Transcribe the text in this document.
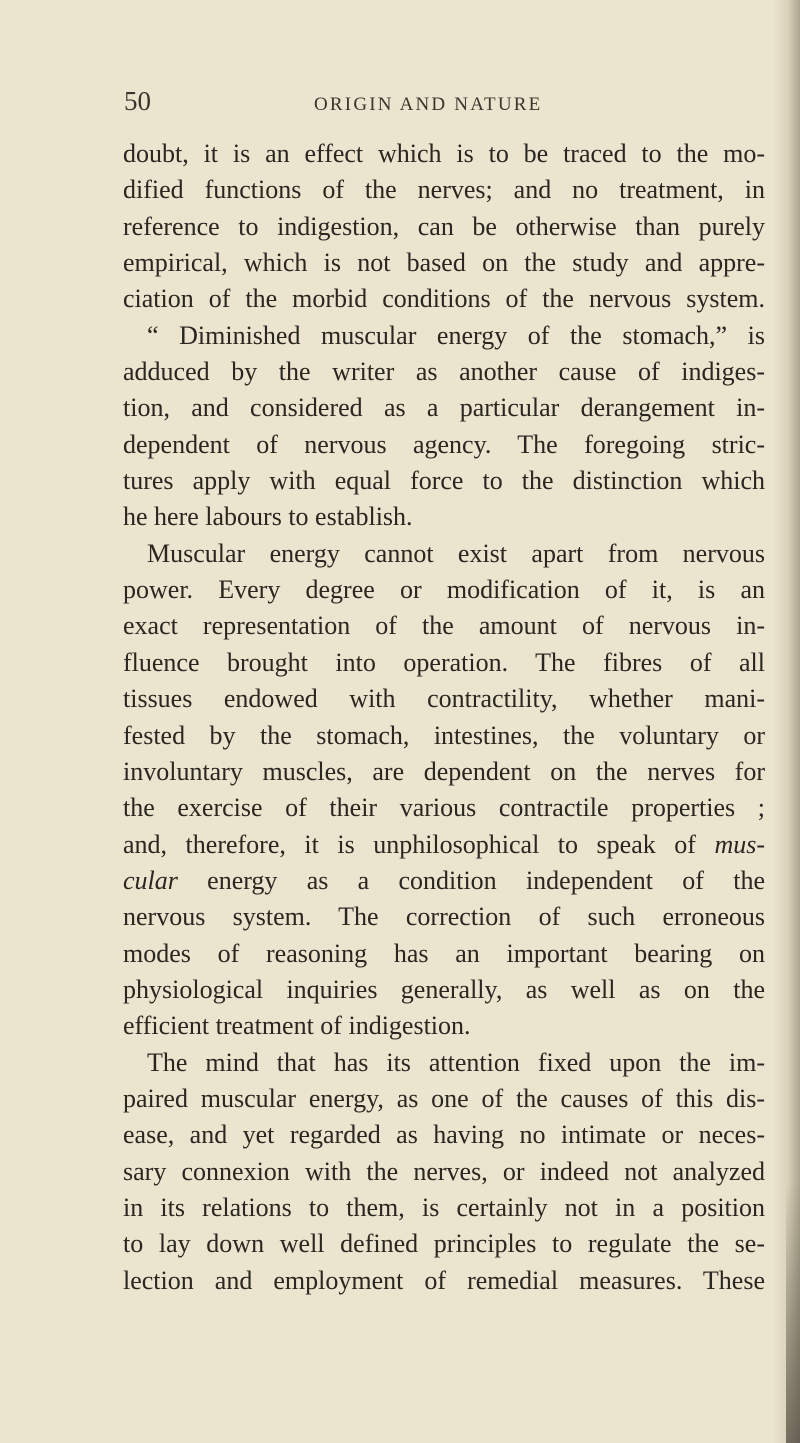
50	ORIGIN AND NATURE
doubt, it is an effect which is to be traced to the mo-
dified functions of the nerves; and no treatment, in
reference to indigestion, can be otherwise than purely
empirical, which is not based on the study and appre-
ciation of the morbid conditions of the nervous system.
“ Diminished muscular energy of the stomach,” is
adduced by the writer as another cause of indiges-
tion, and considered as a particular derangement in-
dependent of nervous agency. The foregoing stric-
tures apply with equal force to the distinction which
he here labours to establish.
Muscular energy cannot exist apart from nervous
power. Every degree or modification of it, is an
exact representation of the amount of nervous in-
fluence brought into operation. The fibres of all
tissues endowed with contractility, whether mani-
fested by the stomach, intestines, the voluntary or
involuntary muscles, are dependent on the nerves for
the exercise of their various contractile properties ;
and, therefore, it is unphilosophical to speak of mus-
cular energy as a condition independent of the
nervous system. The correction of such erroneous
modes of reasoning has an important bearing on
physiological inquiries generally, as well as on the
efficient treatment of indigestion.
The mind that has its attention fixed upon the im-
paired muscular energy, as one of the causes of this dis-
ease, and yet regarded as having no intimate or neces-
sary connexion with the nerves, or indeed not analyzed
in its relations to them, is certainly not in a position
to lay down well defined principles to regulate the se-
lection and employment of remedial measures. These
